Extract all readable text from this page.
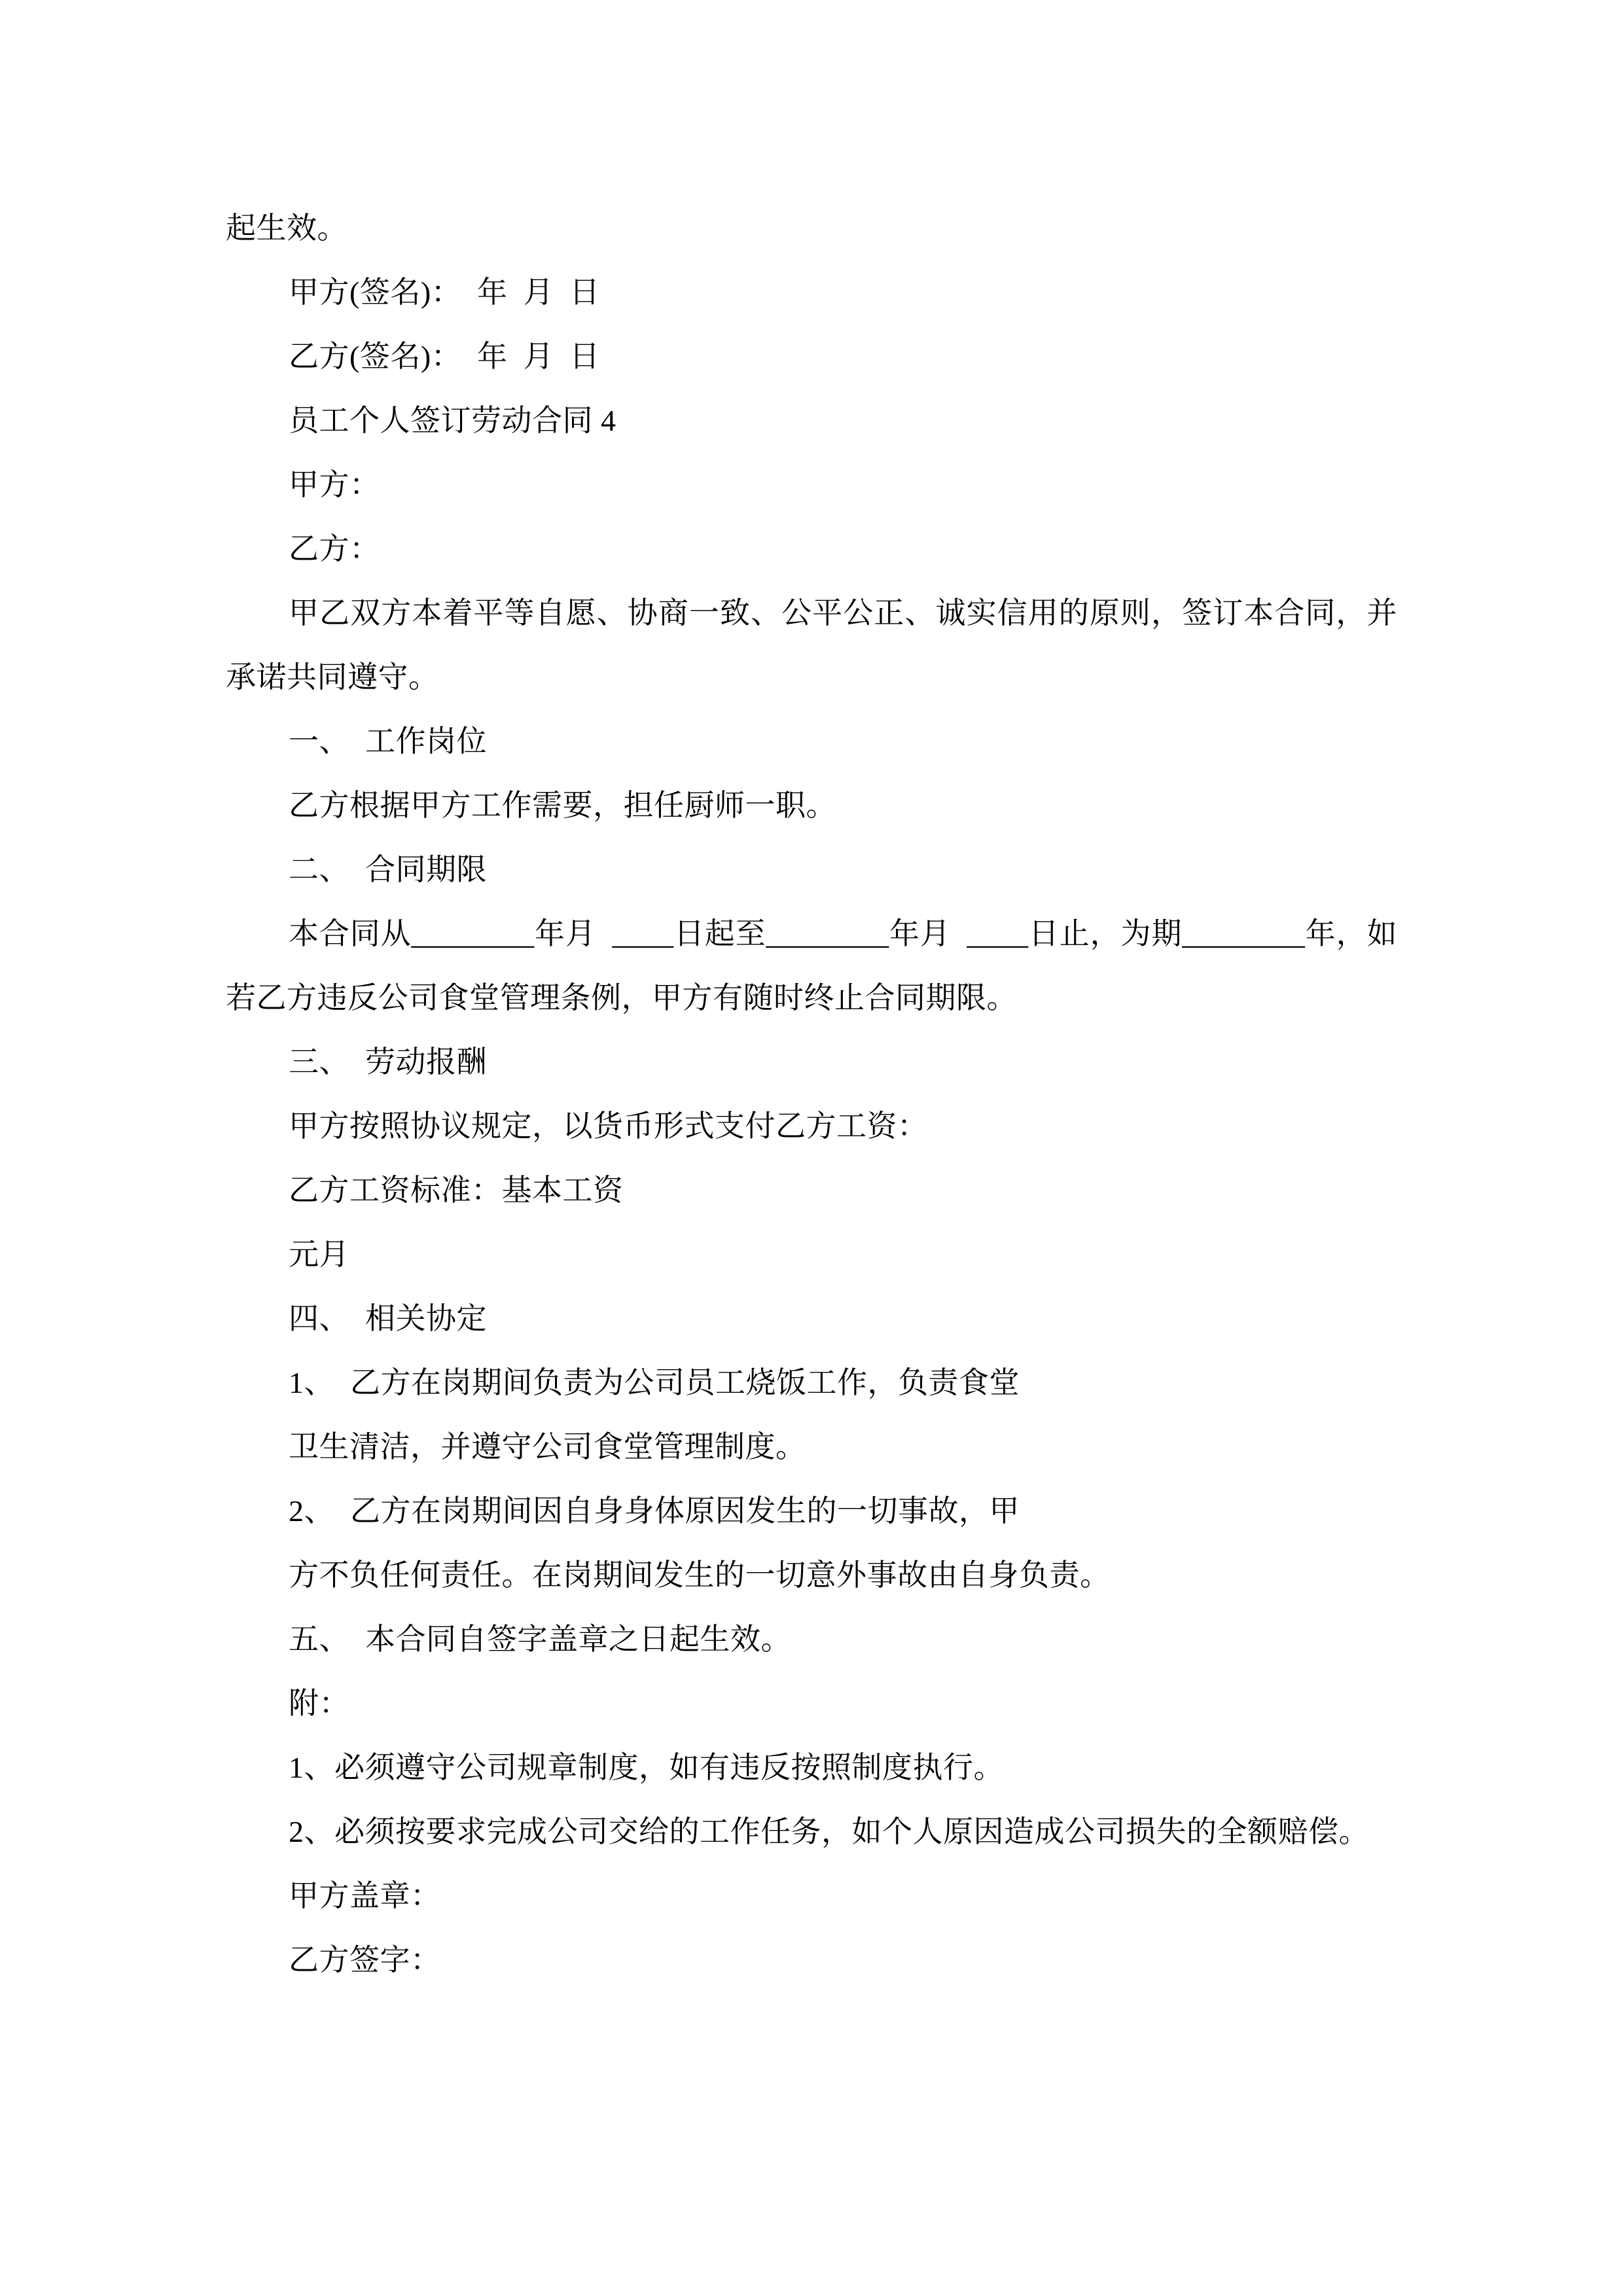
起生效。

甲方(签名)：  年  月  日

乙方(签名)：  年  月  日

员工个人签订劳动合同 4

甲方：

乙方：

甲乙双方本着平等自愿、协商一致、公平公正、诚实信用的原则，签订本合同，并承诺共同遵守。

一、  工作岗位

乙方根据甲方工作需要，担任厨师一职。

二、  合同期限

本合同从________年月  ____日起至________年月  ____日止，为期________年，如若乙方违反公司食堂管理条例，甲方有随时终止合同期限。

三、  劳动报酬

甲方按照协议规定，以货币形式支付乙方工资：

乙方工资标准：基本工资

元月

四、  相关协定

1、  乙方在岗期间负责为公司员工烧饭工作，负责食堂

卫生清洁，并遵守公司食堂管理制度。

2、  乙方在岗期间因自身身体原因发生的一切事故，甲

方不负任何责任。在岗期间发生的一切意外事故由自身负责。

五、  本合同自签字盖章之日起生效。

附：

1、必须遵守公司规章制度，如有违反按照制度执行。

2、必须按要求完成公司交给的工作任务，如个人原因造成公司损失的全额赔偿。

甲方盖章：

乙方签字：
